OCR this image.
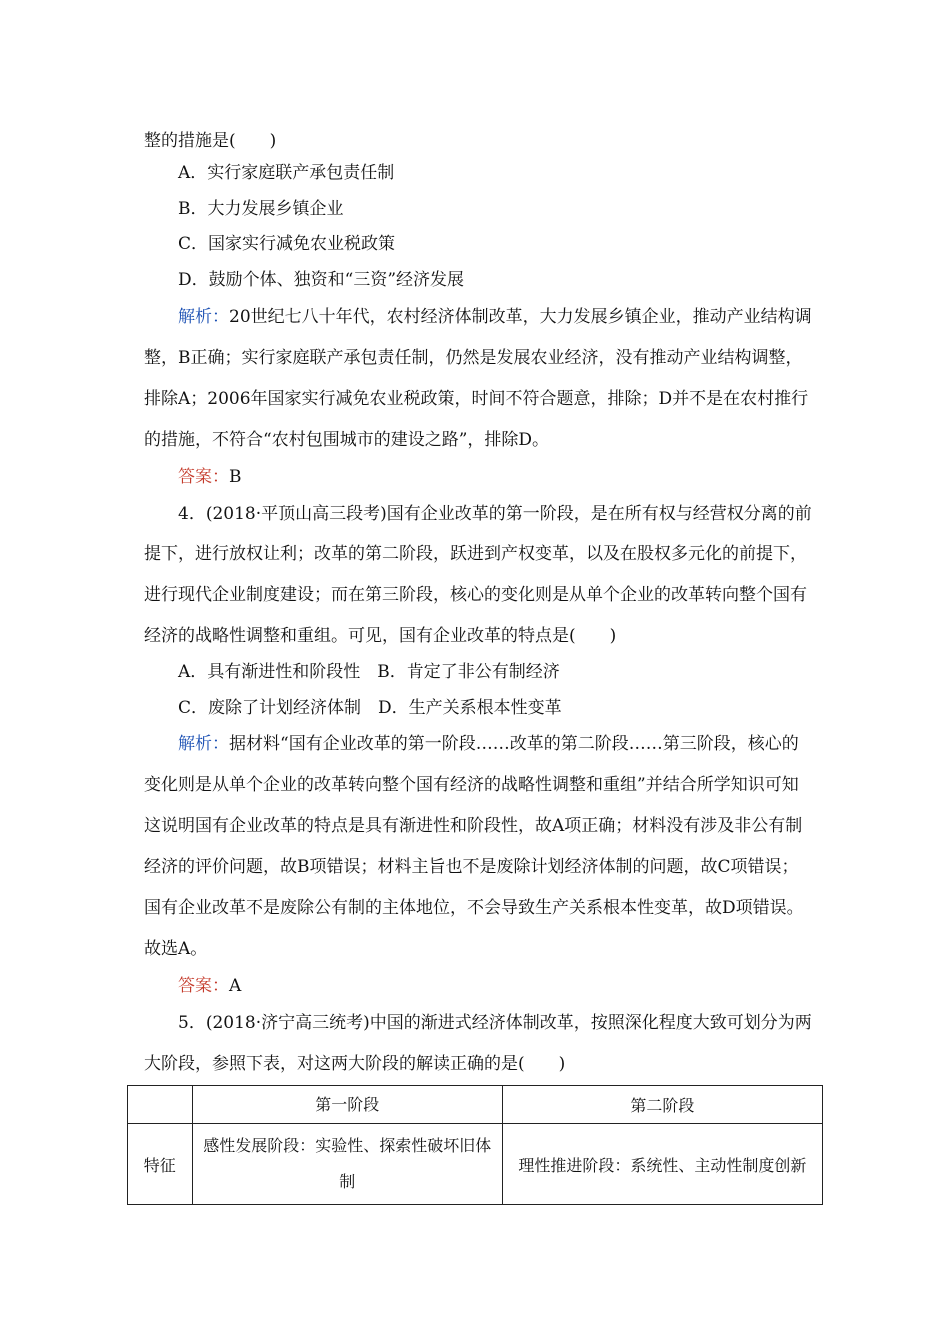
整的措施是(　　)
A．实行家庭联产承包责任制
B．大力发展乡镇企业
C．国家实行减免农业税政策
D．鼓励个体、独资和“三资”经济发展
解析：20世纪七八十年代，农村经济体制改革，大力发展乡镇企业，推动产业结构调
整，B正确；实行家庭联产承包责任制，仍然是发展农业经济，没有推动产业结构调整，
排除A；2006年国家实行减免农业税政策，时间不符合题意，排除；D并不是在农村推行
的措施，不符合“农村包围城市的建设之路”，排除D。
答案：B
4．(2018·平顶山高三段考)国有企业改革的第一阶段，是在所有权与经营权分离的前
提下，进行放权让利；改革的第二阶段，跃进到产权变革，以及在股权多元化的前提下，
进行现代企业制度建设；而在第三阶段，核心的变化则是从单个企业的改革转向整个国有
经济的战略性调整和重组。可见，国有企业改革的特点是(　　)
A．具有渐进性和阶段性　B．肯定了非公有制经济
C．废除了计划经济体制　D．生产关系根本性变革
解析：据材料“国有企业改革的第一阶段……改革的第二阶段……第三阶段，核心的
变化则是从单个企业的改革转向整个国有经济的战略性调整和重组”并结合所学知识可知
这说明国有企业改革的特点是具有渐进性和阶段性，故A项正确；材料没有涉及非公有制
经济的评价问题，故B项错误；材料主旨也不是废除计划经济体制的问题，故C项错误；
国有企业改革不是废除公有制的主体地位，不会导致生产关系根本性变革，故D项错误。
故选A。
答案：A
5．(2018·济宁高三统考)中国的渐进式经济体制改革，按照深化程度大致可划分为两
大阶段，参照下表，对这两大阶段的解读正确的是(　　)
	第一阶段	第二阶段
特征	感性发展阶段：实验性、探索性破坏旧体制	理性推进阶段：系统性、主动性制度创新
